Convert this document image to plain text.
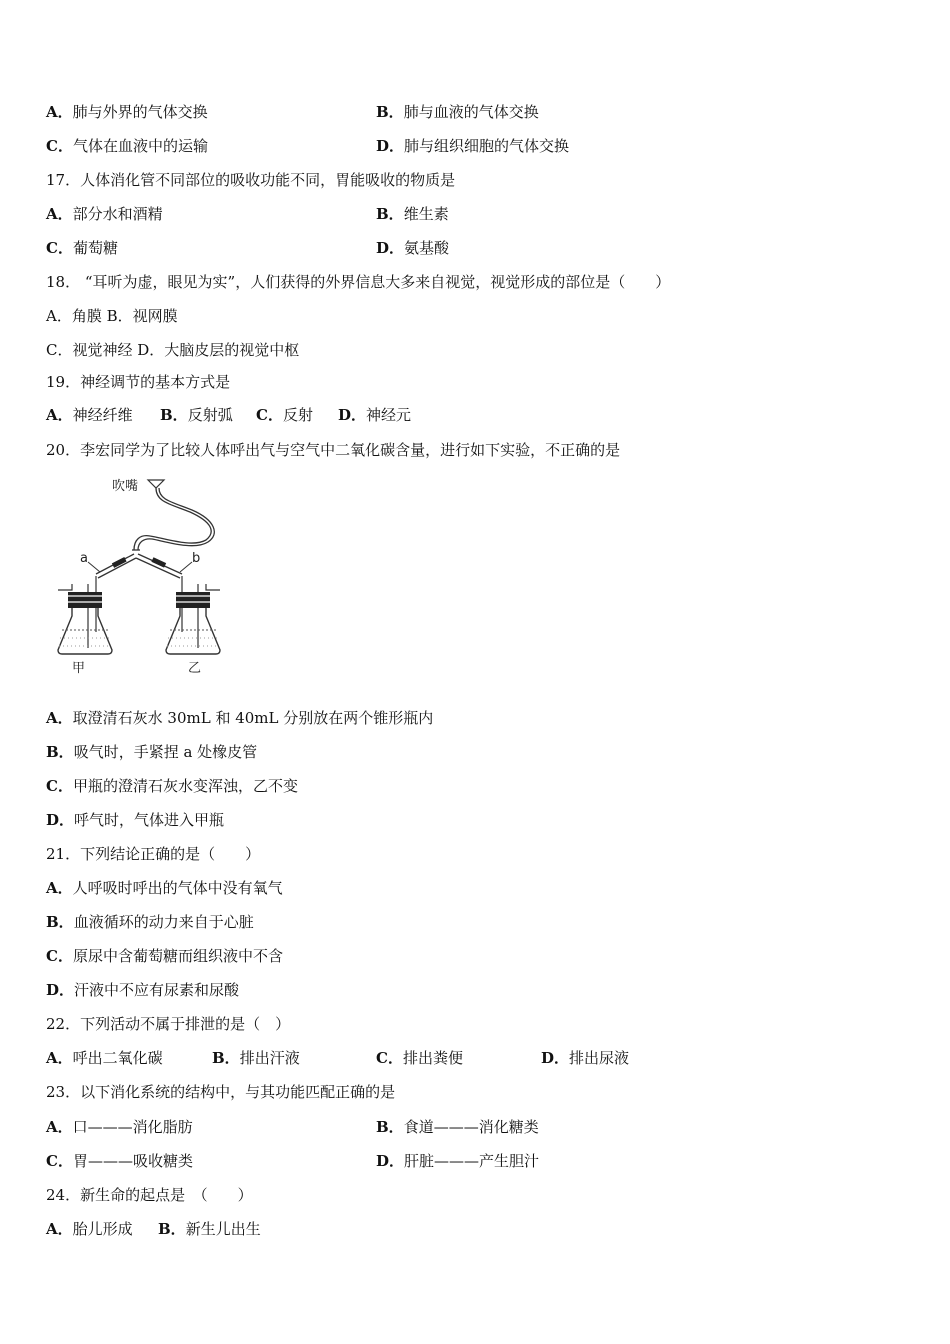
A．肺与外界的气体交换	B．肺与血液的气体交换
C．气体在血液中的运输	D．肺与组织细胞的气体交换
17．人体消化管不同部位的吸收功能不同，胃能吸收的物质是
A．部分水和酒精	B．维生素
C．葡萄糖	D．氨基酸
18． “耳听为虚，眼见为实”，人们获得的外界信息大多来自视觉，视觉形成的部位是（　　）
A．角膜 B．视网膜
C．视觉神经 D．大脑皮层的视觉中枢
19．神经调节的基本方式是
A．神经纤维 B．反射弧 C．反射 D．神经元
20．李宏同学为了比较人体呼出气与空气中二氧化碳含量，进行如下实验，不正确的是
吹嘴
a	b
甲	乙
A．取澄清石灰水 30mL 和 40mL 分别放在两个锥形瓶内
B．吸气时，手紧捏 a 处橡皮管
C．甲瓶的澄清石灰水变浑浊，乙不变
D．呼气时，气体进入甲瓶
21．下列结论正确的是（　　）
A．人呼吸时呼出的气体中没有氧气
B．血液循环的动力来自于心脏
C．原尿中含葡萄糖而组织液中不含
D．汗液中不应有尿素和尿酸
22．下列活动不属于排泄的是（　）
A．呼出二氧化碳	B．排出汗液	C．排出粪便	D．排出尿液
23．以下消化系统的结构中，与其功能匹配正确的是
A．口———消化脂肪	B．食道———消化糖类
C．胃———吸收糖类	D．肝脏———产生胆汁
24．新生命的起点是　（　　）
A．胎儿形成 B．新生儿出生
